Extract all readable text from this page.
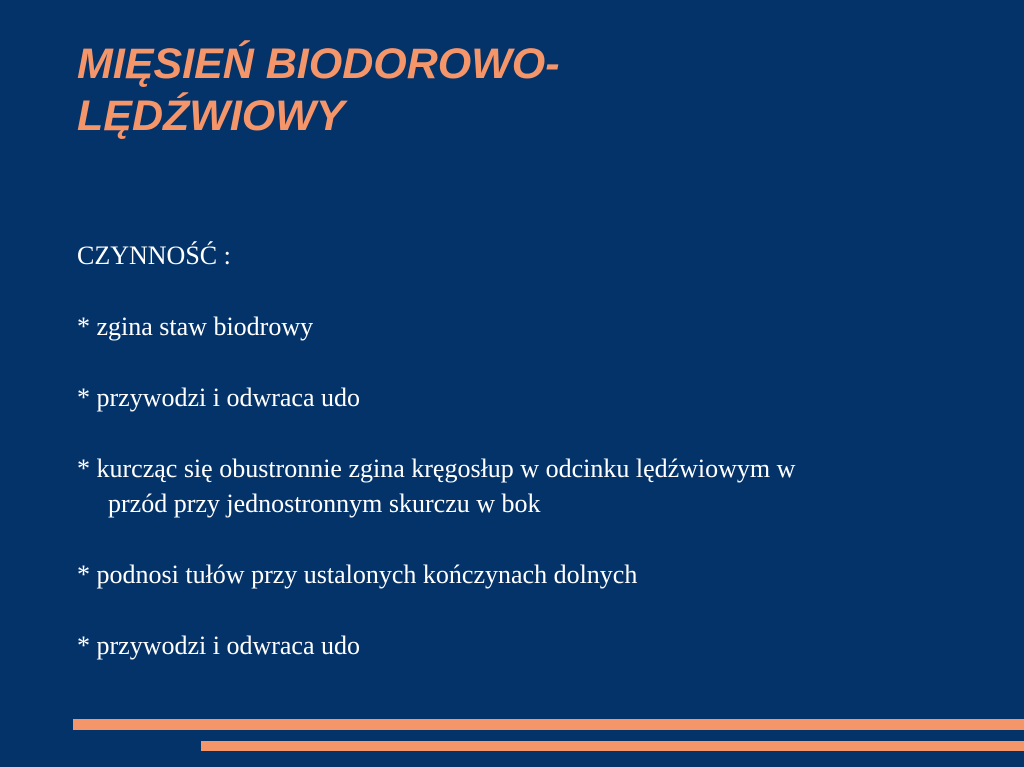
MIĘSIEŃ BIODOROWO-
LĘDŹWIOWY

CZYNNOŚĆ :

* zgina staw biodrowy

* przywodzi i odwraca udo

* kurcząc się obustronnie zgina kręgosłup w odcinku lędźwiowym w

przód przy jednostronnym skurczu w bok

* podnosi tułów przy ustalonych kończynach dolnych

* przywodzi i odwraca udo
